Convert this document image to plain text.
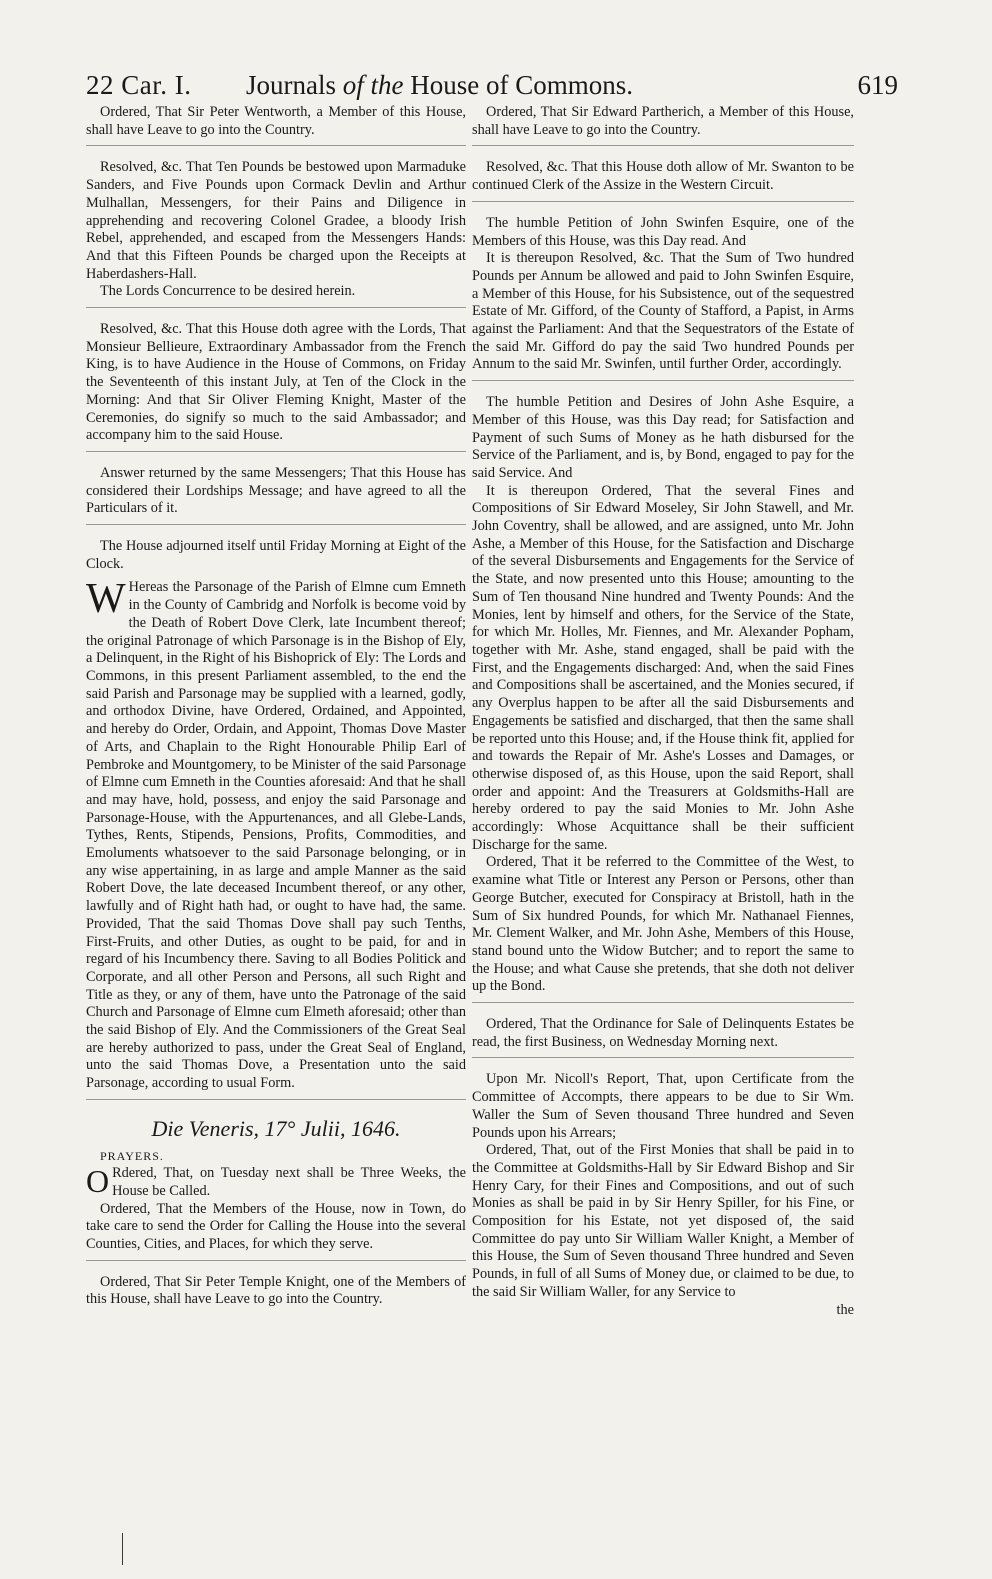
22 Car. I. Journals of the House of Commons.	619

Ordered, That Sir Peter Wentworth, a Member of this House, shall have Leave to go into the Country.

Resolved, &c. That Ten Pounds be bestowed upon Marmaduke Sanders, and Five Pounds upon Cormack Devlin and Arthur Mulhallan, Messengers, for their Pains and Diligence in apprehending and recovering Colonel Gradee, a bloody Irish Rebel, apprehended, and escaped from the Messengers Hands: And that this Fifteen Pounds be charged upon the Receipts at Haberdashers-Hall.

The Lords Concurrence to be desired herein.

Resolved, &c. That this House doth agree with the Lords, That Monsieur Bellieure, Extraordinary Ambassador from the French King, is to have Audience in the House of Commons, on Friday the Seventeenth of this instant July, at Ten of the Clock in the Morning: And that Sir Oliver Fleming Knight, Master of the Ceremonies, do signify so much to the said Ambassador; and accompany him to the said House.

Answer returned by the same Messengers; That this House has considered their Lordships Message; and have agreed to all the Particulars of it.

The House adjourned itself until Friday Morning at Eight of the Clock.

W Hereas the Parsonage of the Parish of Elmne cum Emneth in the County of Cambridg and Norfolk is become void by the Death of Robert Dove Clerk, late Incumbent thereof; the original Patronage of which Parsonage is in the Bishop of Ely, a Delinquent, in the Right of his Bishoprick of Ely: The Lords and Commons, in this present Parliament assembled, to the end the said Parish and Parsonage may be supplied with a learned, godly, and orthodox Divine, have Ordered, Ordained, and Appointed, and hereby do Order, Ordain, and Appoint, Thomas Dove Master of Arts, and Chaplain to the Right Honourable Philip Earl of Pembroke and Mountgomery, to be Minister of the said Parsonage of Elmne cum Emneth in the Counties aforesaid: And that he shall and may have, hold, possess, and enjoy the said Parsonage and Parsonage-House, with the Appurtenances, and all Glebe-Lands, Tythes, Rents, Stipends, Pensions, Profits, Commodities, and Emoluments whatsoever to the said Parsonage belonging, or in any wise appertaining, in as large and ample Manner as the said Robert Dove, the late deceased Incumbent thereof, or any other, lawfully and of Right hath had, or ought to have had, the same. Provided, That the said Thomas Dove shall pay such Tenths, First-Fruits, and other Duties, as ought to be paid, for and in regard of his Incumbency there. Saving to all Bodies Politick and Corporate, and all other Person and Persons, all such Right and Title as they, or any of them, have unto the Patronage of the said Church and Parsonage of Elmne cum Elmeth aforesaid; other than the said Bishop of Ely. And the Commissioners of the Great Seal are hereby authorized to pass, under the Great Seal of England, unto the said Thomas Dove, a Presentation unto the said Parsonage, according to usual Form.

Die Veneris, 17° Julii, 1646.

PRAYERS.

O Rdered, That, on Tuesday next shall be Three Weeks, the House be Called.

Ordered, That the Members of the House, now in Town, do take care to send the Order for Calling the House into the several Counties, Cities, and Places, for which they serve.

Ordered, That Sir Peter Temple Knight, one of the Members of this House, shall have Leave to go into the Country.

Ordered, That Sir Edward Partherich, a Member of this House, shall have Leave to go into the Country.

Resolved, &c. That this House doth allow of Mr. Swanton to be continued Clerk of the Assize in the Western Circuit.

The humble Petition of John Swinfen Esquire, one of the Members of this House, was this Day read. And

It is thereupon Resolved, &c. That the Sum of Two hundred Pounds per Annum be allowed and paid to John Swinfen Esquire, a Member of this House, for his Subsistence, out of the sequestred Estate of Mr. Gifford, of the County of Stafford, a Papist, in Arms against the Parliament: And that the Sequestrators of the Estate of the said Mr. Gifford do pay the said Two hundred Pounds per Annum to the said Mr. Swinfen, until further Order, accordingly.

The humble Petition and Desires of John Ashe Esquire, a Member of this House, was this Day read; for Satisfaction and Payment of such Sums of Money as he hath disbursed for the Service of the Parliament, and is, by Bond, engaged to pay for the said Service. And

It is thereupon Ordered, That the several Fines and Compositions of Sir Edward Moseley, Sir John Stawell, and Mr. John Coventry, shall be allowed, and are assigned, unto Mr. John Ashe, a Member of this House, for the Satisfaction and Discharge of the several Disbursements and Engagements for the Service of the State, and now presented unto this House; amounting to the Sum of Ten thousand Nine hundred and Twenty Pounds: And the Monies, lent by himself and others, for the Service of the State, for which Mr. Holles, Mr. Fiennes, and Mr. Alexander Popham, together with Mr. Ashe, stand engaged, shall be paid with the First, and the Engagements discharged: And, when the said Fines and Compositions shall be ascertained, and the Monies secured, if any Overplus happen to be after all the said Disbursements and Engagements be satisfied and discharged, that then the same shall be reported unto this House; and, if the House think fit, applied for and towards the Repair of Mr. Ashe's Losses and Damages, or otherwise disposed of, as this House, upon the said Report, shall order and appoint: And the Treasurers at Goldsmiths-Hall are hereby ordered to pay the said Monies to Mr. John Ashe accordingly: Whose Acquittance shall be their sufficient Discharge for the same.

Ordered, That it be referred to the Committee of the West, to examine what Title or Interest any Person or Persons, other than George Butcher, executed for Conspiracy at Bristoll, hath in the Sum of Six hundred Pounds, for which Mr. Nathanael Fiennes, Mr. Clement Walker, and Mr. John Ashe, Members of this House, stand bound unto the Widow Butcher; and to report the same to the House; and what Cause she pretends, that she doth not deliver up the Bond.

Ordered, That the Ordinance for Sale of Delinquents Estates be read, the first Business, on Wednesday Morning next.

Upon Mr. Nicoll's Report, That, upon Certificate from the Committee of Accompts, there appears to be due to Sir Wm. Waller the Sum of Seven thousand Three hundred and Seven Pounds upon his Arrears;

Ordered, That, out of the First Monies that shall be paid in to the Committee at Goldsmiths-Hall by Sir Edward Bishop and Sir Henry Cary, for their Fines and Compositions, and out of such Monies as shall be paid in by Sir Henry Spiller, for his Fine, or Composition for his Estate, not yet disposed of, the said Committee do pay unto Sir William Waller Knight, a Member of this House, the Sum of Seven thousand Three hundred and Seven Pounds, in full of all Sums of Money due, or claimed to be due, to the said Sir William Waller, for any Service to

the
